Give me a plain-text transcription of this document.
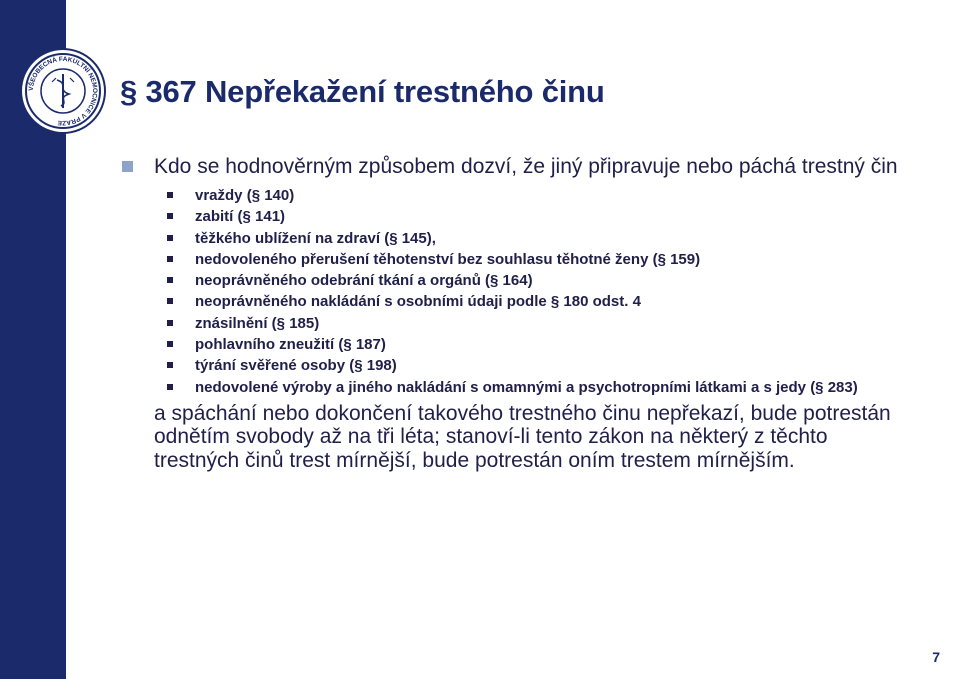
VŠEOBECNÁ FAKULTNÍ NEMOCNICE V PRAZE
§ 367 Nepřekažení trestného činu
Kdo se hodnověrným způsobem dozví, že jiný připravuje nebo páchá trestný čin
vraždy (§ 140)
zabití (§ 141)
těžkého ublížení na zdraví (§ 145),
nedovoleného přerušení těhotenství bez souhlasu těhotné ženy (§ 159)
neoprávněného odebrání tkání a orgánů (§ 164)
neoprávněného nakládání s osobními údaji podle § 180 odst. 4
znásilnění (§ 185)
pohlavního zneužití (§ 187)
týrání svěřené osoby (§ 198)
nedovolené výroby a jiného nakládání s omamnými a psychotropními látkami a s jedy (§ 283)

a spáchání nebo dokončení takového trestného činu nepřekazí, bude potrestán odnětím svobody až na tři léta; stanoví-li tento zákon na některý z těchto trestných činů trest mírnější, bude potrestán oním trestem mírnějším.

7
